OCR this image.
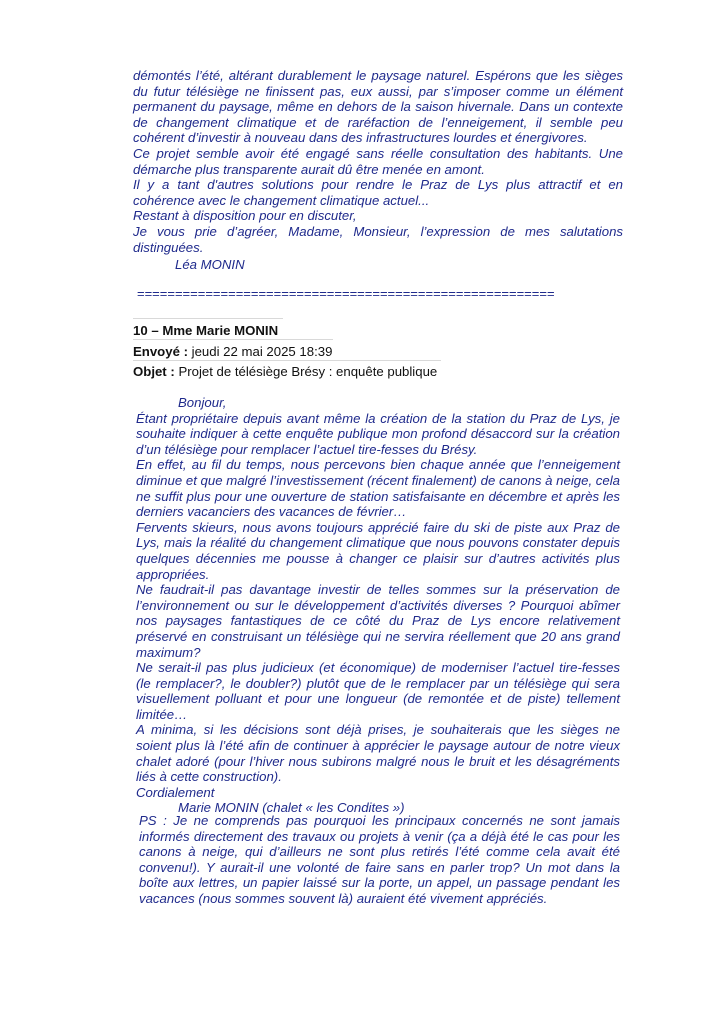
démontés l’été, altérant durablement le paysage naturel. Espérons que les sièges du futur télésiège ne finissent pas, eux aussi, par s’imposer comme un élément permanent du paysage, même en dehors de la saison hivernale. Dans un contexte de changement climatique et de raréfaction de l’enneigement, il semble peu cohérent d’investir à nouveau dans des infrastructures lourdes et énergivores.

Ce projet semble avoir été engagé sans réelle consultation des habitants. Une démarche plus transparente aurait dû être menée en amont.

Il y a tant d'autres solutions pour rendre le Praz de Lys plus attractif et en cohérence avec le changement climatique actuel...

Restant à disposition pour en discuter,

Je vous prie d’agréer, Madame, Monsieur, l’expression de mes salutations distinguées.

Léa MONIN

=======================================================
10 – Mme Marie MONIN
Envoyé : jeudi 22 mai 2025 18:39
Objet : Projet de télésiège Brésy : enquête publique

Bonjour,

Étant propriétaire depuis avant même la création de la station du Praz de Lys, je souhaite indiquer à cette enquête publique mon profond désaccord sur la création d’un télésiège pour remplacer l’actuel tire-fesses du Brésy.

En effet, au fil du temps, nous percevons bien chaque année que l’enneigement diminue et que malgré l’investissement (récent finalement) de canons à neige, cela ne suffit plus pour une ouverture de station satisfaisante en décembre et après les derniers vacanciers des vacances de février…

Fervents skieurs, nous avons toujours apprécié faire du ski de piste aux Praz de Lys, mais la réalité du changement climatique que nous pouvons constater depuis quelques décennies me pousse à changer ce plaisir sur d’autres activités plus appropriées.

Ne faudrait-il pas davantage investir de telles sommes sur la préservation de l’environnement ou sur le développement d’activités diverses ? Pourquoi abîmer nos paysages fantastiques de ce côté du Praz de Lys encore relativement préservé en construisant un télésiège qui ne servira réellement que 20 ans grand maximum?

Ne serait-il pas plus judicieux (et économique) de moderniser l’actuel tire-fesses (le remplacer?, le doubler?) plutôt que de le remplacer par un télésiège qui sera visuellement polluant et pour une longueur (de remontée et de piste) tellement limitée…

A minima, si les décisions sont déjà prises, je souhaiterais que les sièges ne soient plus là l’été afin de continuer à apprécier le paysage autour de notre vieux chalet adoré (pour l’hiver nous subirons malgré nous le bruit et les désagréments liés à cette construction).

Cordialement

Marie MONIN (chalet « les Condites »)

PS : Je ne comprends pas pourquoi les principaux concernés ne sont jamais informés directement des travaux ou projets à venir (ça a déjà été le cas pour les canons à neige, qui d’ailleurs ne sont plus retirés l’été comme cela avait été convenu!). Y aurait-il une volonté de faire sans en parler trop? Un mot dans la boîte aux lettres, un papier laissé sur la porte, un appel, un passage pendant les vacances (nous sommes souvent là) auraient été vivement appréciés.
